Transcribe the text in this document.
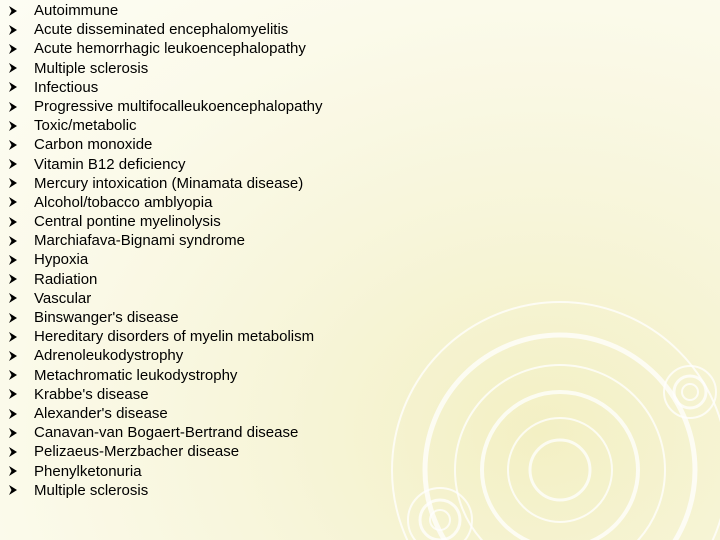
Autoimmune
Acute disseminated encephalomyelitis
Acute hemorrhagic leukoencephalopathy
Multiple sclerosis
Infectious
Progressive multifocalleukoencephalopathy
Toxic/metabolic
Carbon monoxide
Vitamin B12 deficiency
Mercury intoxication (Minamata disease)
Alcohol/tobacco amblyopia
Central pontine myelinolysis
Marchiafava-Bignami syndrome
Hypoxia
Radiation
Vascular
Binswanger's disease
Hereditary disorders of myelin metabolism
Adrenoleukodystrophy
Metachromatic leukodystrophy
Krabbe's disease
Alexander's disease
Canavan-van Bogaert-Bertrand disease
Pelizaeus-Merzbacher disease
Phenylketonuria
Multiple sclerosis
